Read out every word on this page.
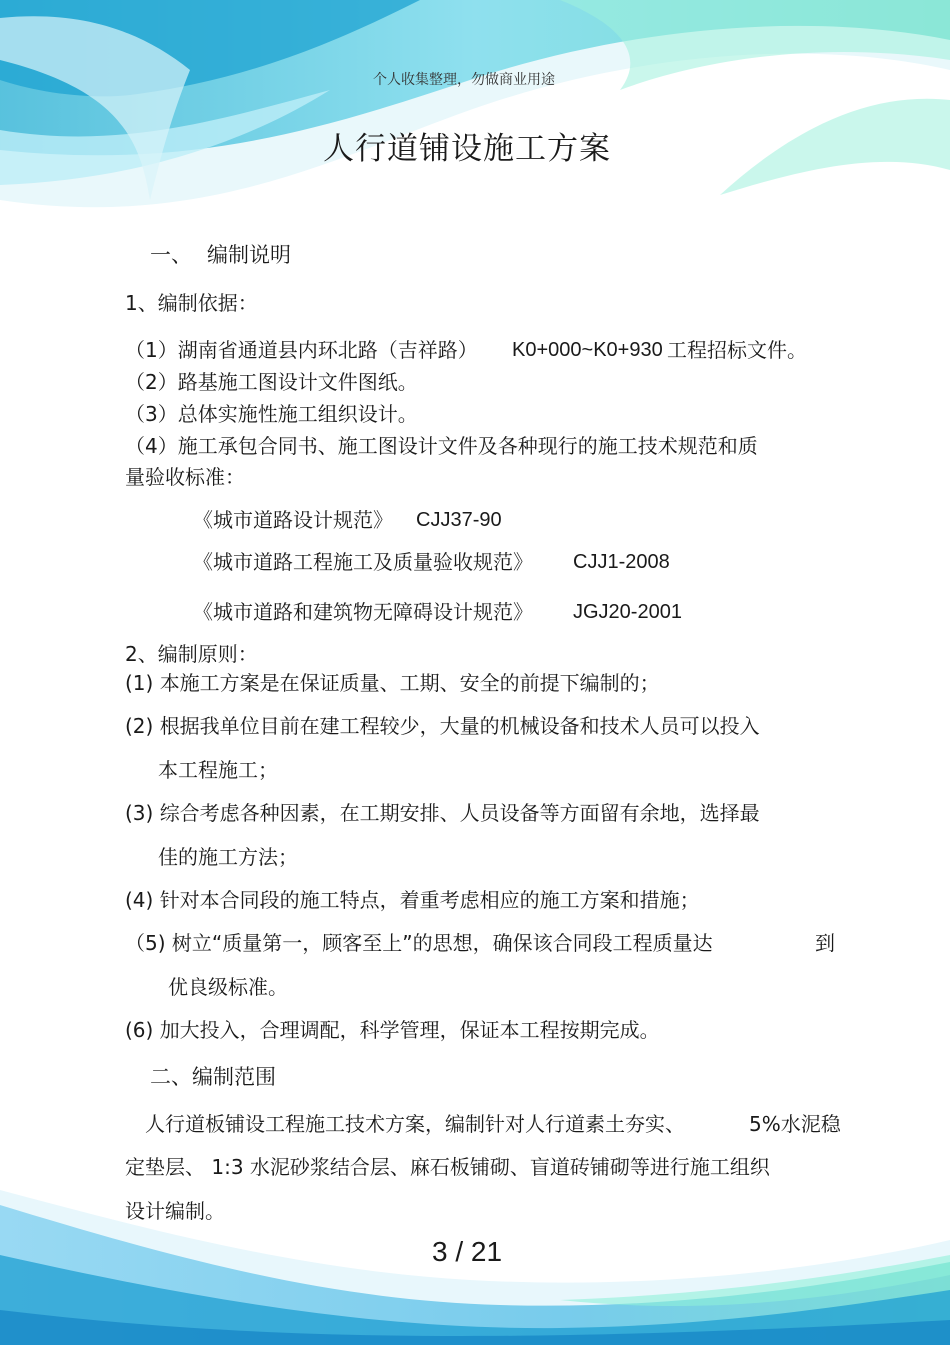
个人收集整理，勿做商业用途
人行道铺设施工方案
一、 编制说明
1、编制依据：
（1）湖南省通道县内环北路（吉祥路） K0+000~K0+930 工程招标文件。
（2）路基施工图设计文件图纸。
（3）总体实施性施工组织设计。
（4）施工承包合同书、施工图设计文件及各种现行的施工技术规范和质
量验收标准：
《城市道路设计规范》 CJJ37-90
《城市道路工程施工及质量验收规范》 CJJ1-2008
《城市道路和建筑物无障碍设计规范》 JGJ20-2001
2、编制原则：
(1) 本施工方案是在保证质量、工期、安全的前提下编制的；
(2) 根据我单位目前在建工程较少，大量的机械设备和技术人员可以投入
本工程施工；
(3) 综合考虑各种因素，在工期安排、人员设备等方面留有余地，选择最
佳的施工方法；
(4) 针对本合同段的施工特点，着重考虑相应的施工方案和措施；
（5) 树立“质量第一，顾客至上”的思想，确保该合同段工程质量达	到
优良级标准。
(6) 加大投入，合理调配，科学管理，保证本工程按期完成。
二、编制范围
人行道板铺设工程施工技术方案，编制针对人行道素土夯实、	5%水泥稳
定垫层、 1:3 水泥砂浆结合层、麻石板铺砌、盲道砖铺砌等进行施工组织
设计编制。
3 / 21
